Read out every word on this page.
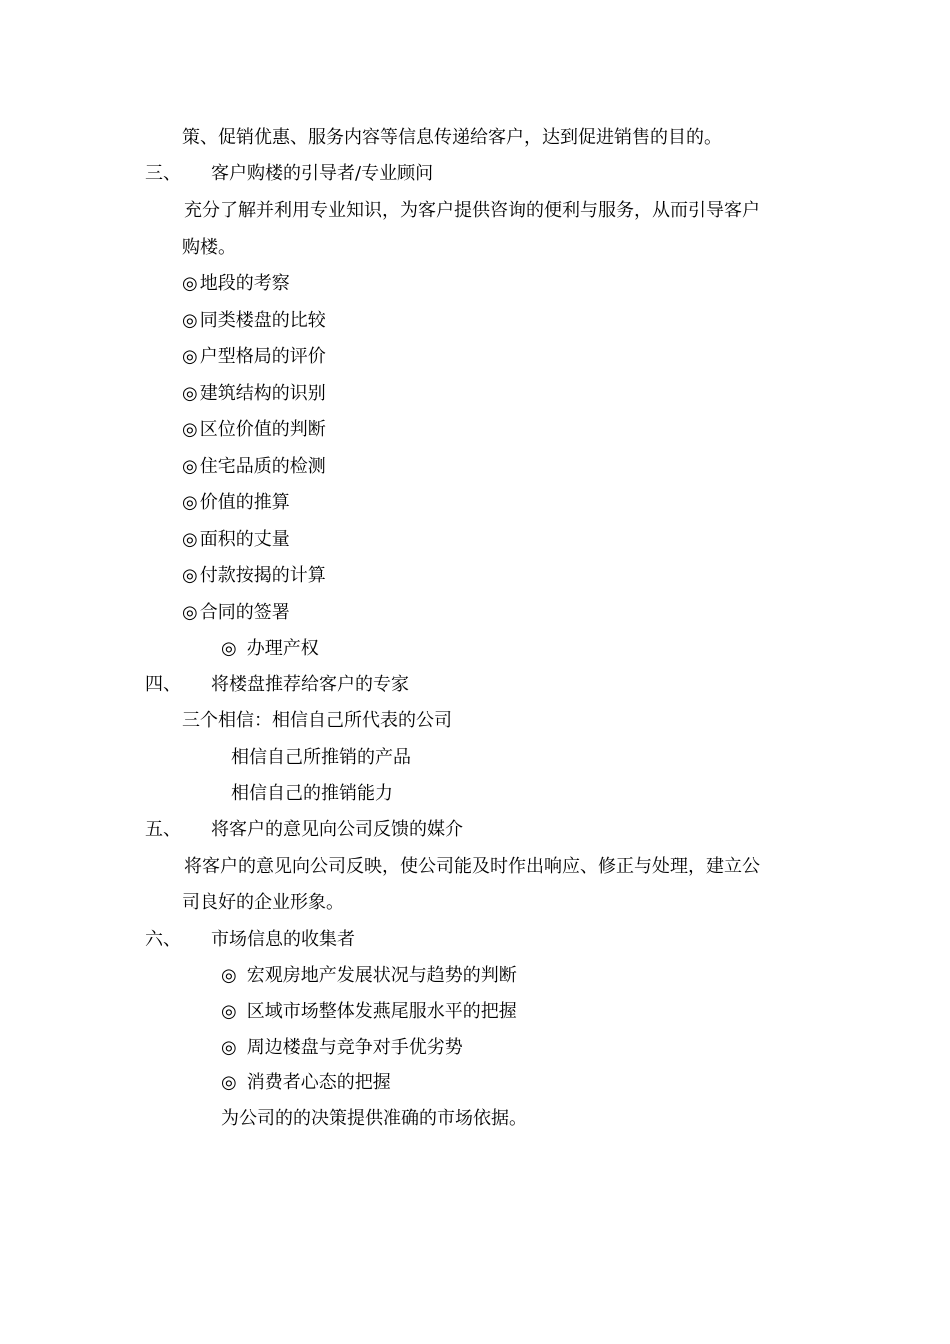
策、促销优惠、服务内容等信息传递给客户，达到促进销售的目的。
三、 客户购楼的引导者/专业顾问
充分了解并利用专业知识，为客户提供咨询的便利与服务，从而引导客户
购楼。
◎ 地段的考察
◎ 同类楼盘的比较
◎ 户型格局的评价
◎ 建筑结构的识别
◎ 区位价值的判断
◎ 住宅品质的检测
◎ 价值的推算
◎ 面积的丈量
◎ 付款按揭的计算
◎ 合同的签署
◎ 办理产权
四、 将楼盘推荐给客户的专家
三个相信：相信自己所代表的公司
相信自己所推销的产品
相信自己的推销能力
五、 将客户的意见向公司反馈的媒介
将客户的意见向公司反映，使公司能及时作出响应、修正与处理，建立公
司良好的企业形象。
六、 市场信息的收集者
◎ 宏观房地产发展状况与趋势的判断
◎ 区域市场整体发燕尾服水平的把握
◎ 周边楼盘与竞争对手优劣势
◎ 消费者心态的把握
为公司的的决策提供准确的市场依据。
